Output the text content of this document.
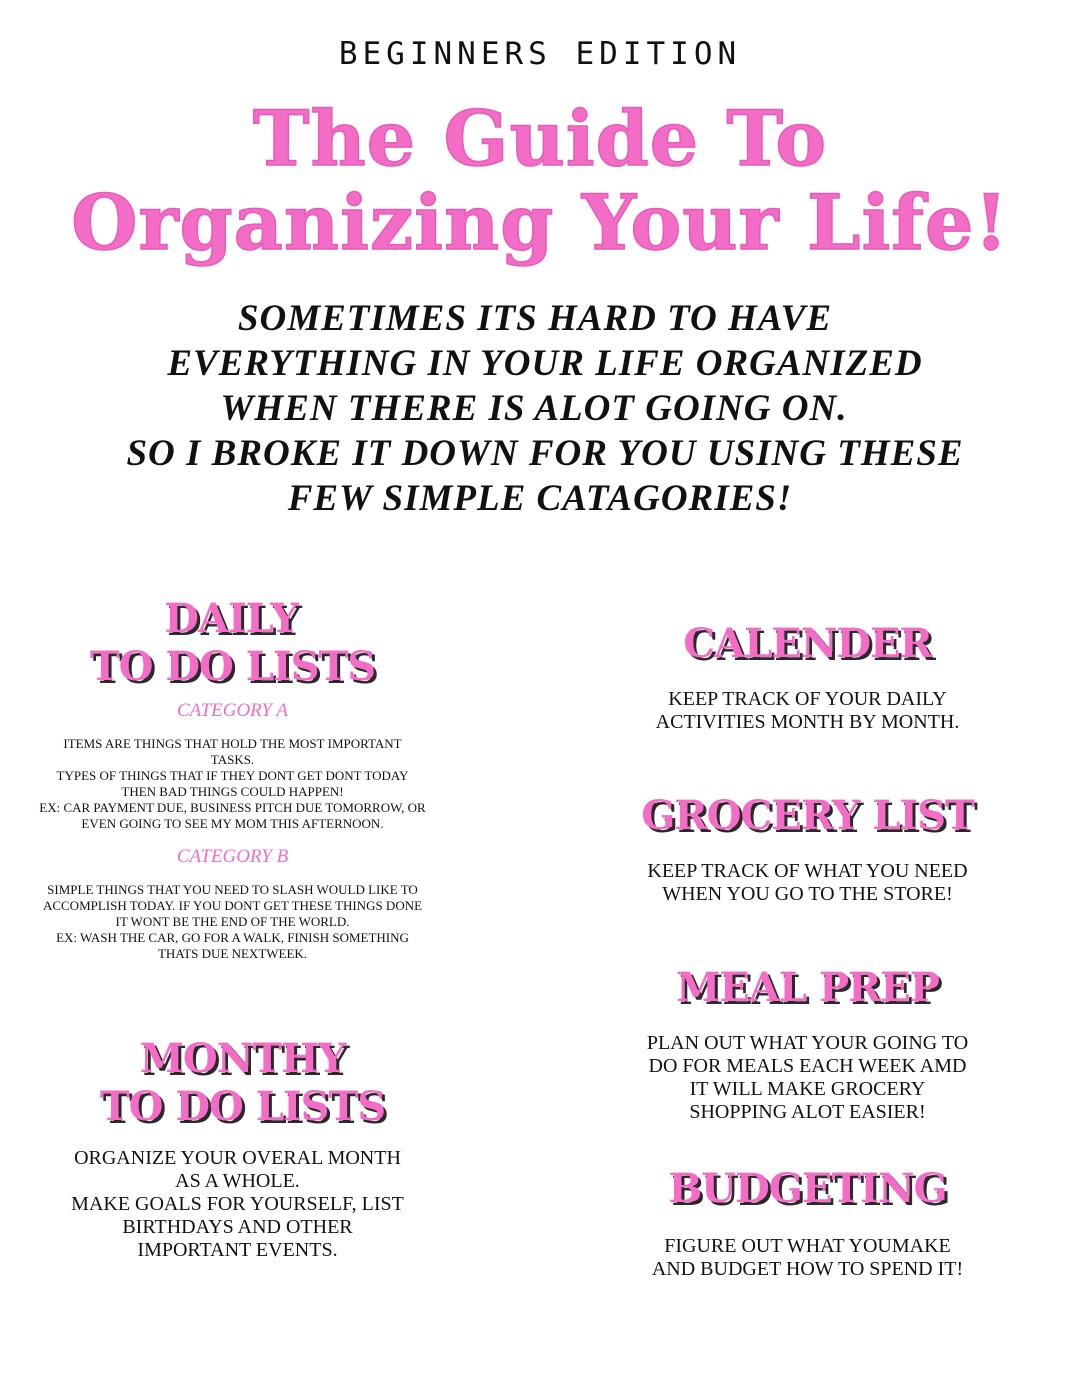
BEGINNERS EDITION
The Guide To
Organizing Your Life!
SOMETIMES ITS HARD TO HAVE
EVERYTHING IN YOUR LIFE ORGANIZED
WHEN THERE IS ALOT GOING ON.
SO I BROKE IT DOWN FOR YOU USING THESE
FEW SIMPLE CATAGORIES!
DAILY
TO DO LISTS
CATEGORY A
ITEMS ARE THINGS THAT HOLD THE MOST IMPORTANT
TASKS.
TYPES OF THINGS THAT IF THEY DONT GET DONT TODAY
THEN BAD THINGS COULD HAPPEN!
EX: CAR PAYMENT DUE, BUSINESS PITCH DUE TOMORROW, OR
EVEN GOING TO SEE MY MOM THIS AFTERNOON.
CATEGORY B
SIMPLE THINGS THAT YOU NEED TO SLASH WOULD LIKE TO
ACCOMPLISH TODAY. IF YOU DONT GET THESE THINGS DONE
IT WONT BE THE END OF THE WORLD.
EX: WASH THE CAR, GO FOR A WALK, FINISH SOMETHING
THATS DUE NEXTWEEK.
MONTHY
TO DO LISTS
ORGANIZE YOUR OVERAL MONTH
AS A WHOLE.
MAKE GOALS FOR YOURSELF, LIST
BIRTHDAYS AND OTHER
IMPORTANT EVENTS.
CALENDER
KEEP TRACK OF YOUR DAILY
ACTIVITIES MONTH BY MONTH.
GROCERY LIST
KEEP TRACK OF WHAT YOU NEED
WHEN YOU GO TO THE STORE!
MEAL PREP
PLAN OUT WHAT YOUR GOING TO
DO FOR MEALS EACH WEEK AMD
IT WILL MAKE GROCERY
SHOPPING ALOT EASIER!
BUDGETING
FIGURE OUT WHAT YOUMAKE
AND BUDGET HOW TO SPEND IT!
